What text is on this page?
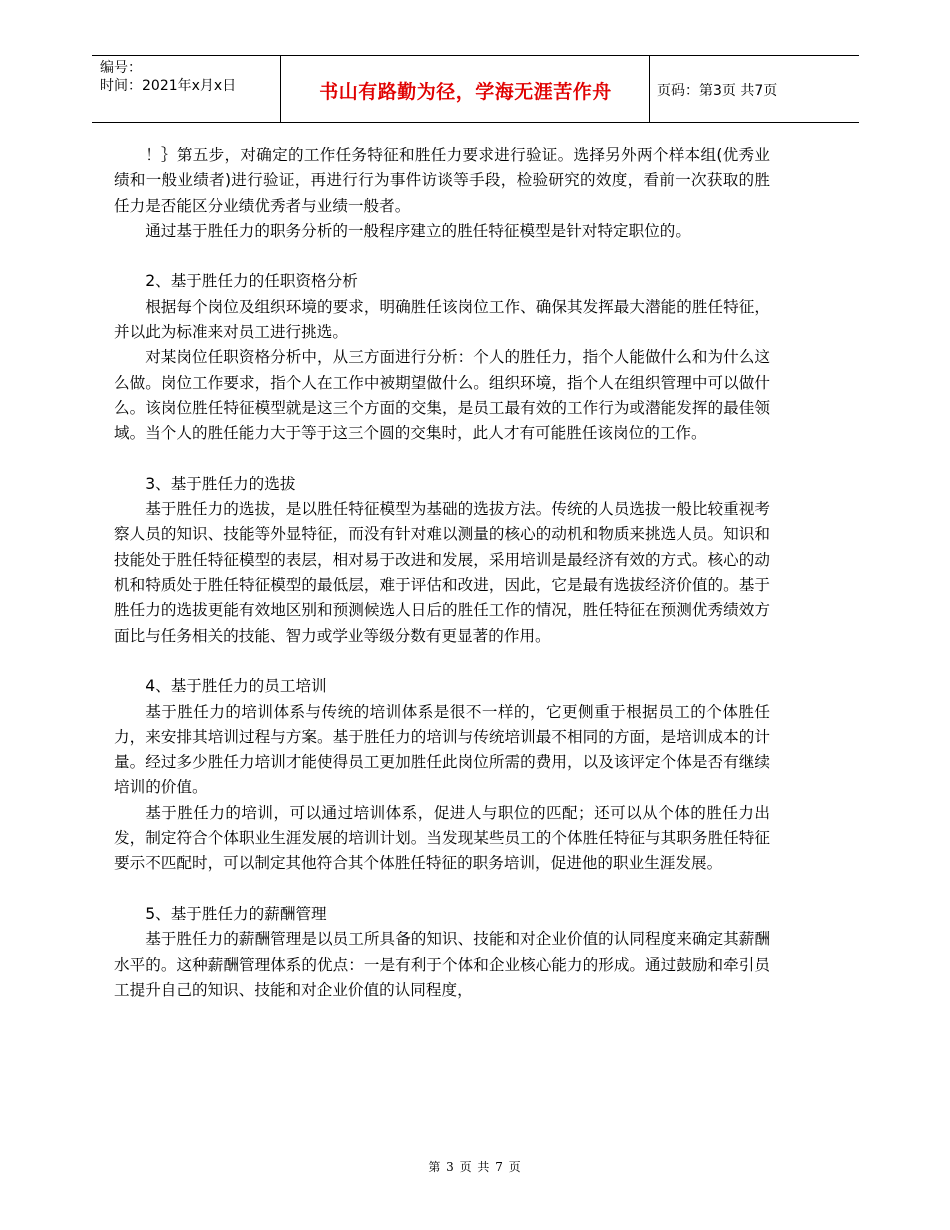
编号：
时间：2021年x月x日	书山有路勤为径，学海无涯苦作舟	页码：第3页 共7页

！｝第五步，对确定的工作任务特征和胜任力要求进行验证。选择另外两个样本组(优秀业绩和一般业绩者)进行验证，再进行行为事件访谈等手段，检验研究的效度，看前一次获取的胜任力是否能区分业绩优秀者与业绩一般者。

通过基于胜任力的职务分析的一般程序建立的胜任特征模型是针对特定职位的。

2、基于胜任力的任职资格分析

根据每个岗位及组织环境的要求，明确胜任该岗位工作、确保其发挥最大潜能的胜任特征，并以此为标准来对员工进行挑选。

对某岗位任职资格分析中，从三方面进行分析：个人的胜任力，指个人能做什么和为什么这么做。岗位工作要求，指个人在工作中被期望做什么。组织环境，指个人在组织管理中可以做什么。该岗位胜任特征模型就是这三个方面的交集，是员工最有效的工作行为或潜能发挥的最佳领域。当个人的胜任能力大于等于这三个圆的交集时，此人才有可能胜任该岗位的工作。

3、基于胜任力的选拔

基于胜任力的选拔，是以胜任特征模型为基础的选拔方法。传统的人员选拔一般比较重视考察人员的知识、技能等外显特征，而没有针对难以测量的核心的动机和物质来挑选人员。知识和技能处于胜任特征模型的表层，相对易于改进和发展，采用培训是最经济有效的方式。核心的动机和特质处于胜任特征模型的最低层，难于评估和改进，因此，它是最有选拔经济价值的。基于胜任力的选拔更能有效地区别和预测候选人日后的胜任工作的情况，胜任特征在预测优秀绩效方面比与任务相关的技能、智力或学业等级分数有更显著的作用。

4、基于胜任力的员工培训

基于胜任力的培训体系与传统的培训体系是很不一样的，它更侧重于根据员工的个体胜任力，来安排其培训过程与方案。基于胜任力的培训与传统培训最不相同的方面，是培训成本的计量。经过多少胜任力培训才能使得员工更加胜任此岗位所需的费用，以及该评定个体是否有继续培训的价值。

基于胜任力的培训，可以通过培训体系，促进人与职位的匹配；还可以从个体的胜任力出发，制定符合个体职业生涯发展的培训计划。当发现某些员工的个体胜任特征与其职务胜任特征要示不匹配时，可以制定其他符合其个体胜任特征的职务培训，促进他的职业生涯发展。

5、基于胜任力的薪酬管理

基于胜任力的薪酬管理是以员工所具备的知识、技能和对企业价值的认同程度来确定其薪酬水平的。这种薪酬管理体系的优点：一是有利于个体和企业核心能力的形成。通过鼓励和牵引员工提升自己的知识、技能和对企业价值的认同程度，

第 3 页 共 7 页
